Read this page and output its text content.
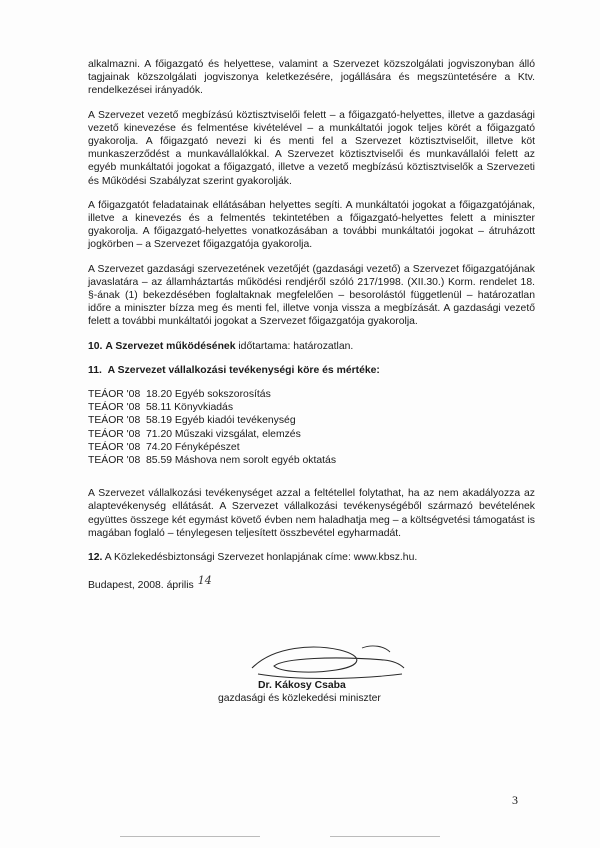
alkalmazni. A főigazgató és helyettese, valamint a Szervezet közszolgálati jogviszonyban álló tagjainak közszolgálati jogviszonya keletkezésére, jogállására és megszüntetésére a Ktv. rendelkezései irányadók.

A Szervezet vezető megbízású köztisztviselői felett – a főigazgató-helyettes, illetve a gazdasági vezető kinevezése és felmentése kivételével – a munkáltatói jogok teljes körét a főigazgató gyakorolja. A főigazgató nevezi ki és menti fel a Szervezet köztisztviselőit, illetve köt munkaszerződést a munkavállalókkal. A Szervezet köztisztviselői és munkavállalói felett az egyéb munkáltatói jogokat a főigazgató, illetve a vezető megbízású köztisztviselők a Szervezeti és Működési Szabályzat szerint gyakorolják.

A főigazgatót feladatainak ellátásában helyettes segíti. A munkáltatói jogokat a főigazgatójának, illetve a kinevezés és a felmentés tekintetében a főigazgató-helyettes felett a miniszter gyakorolja. A főigazgató-helyettes vonatkozásában a további munkáltatói jogokat – átruházott jogkörben – a Szervezet főigazgatója gyakorolja.

A Szervezet gazdasági szervezetének vezetőjét (gazdasági vezető) a Szervezet főigazgatójának javaslatára – az államháztartás működési rendjéről szóló 217/1998. (XII.30.) Korm. rendelet 18. §-ának (1) bekezdésében foglaltaknak megfelelően – besorolástól függetlenül – határozatlan időre a miniszter bízza meg és menti fel, illetve vonja vissza a megbízását. A gazdasági vezető felett a további munkáltatói jogokat a Szervezet főigazgatója gyakorolja.

10. A Szervezet működésének időtartama: határozatlan.

11. A Szervezet vállalkozási tevékenységi köre és mértéke:

TEÁOR '08 18.20 Egyéb sokszorosítás
TEÁOR '08 58.11 Könyvkiadás
TEÁOR '08 58.19 Egyéb kiadói tevékenység
TEÁOR '08 71.20 Műszaki vizsgálat, elemzés
TEÁOR '08 74.20 Fényképészet
TEÁOR '08 85.59 Máshova nem sorolt egyéb oktatás

A Szervezet vállalkozási tevékenységet azzal a feltétellel folytathat, ha az nem akadályozza az alaptevékenység ellátását. A Szervezet vállalkozási tevékenységéből származó bevételének együttes összege két egymást követő évben nem haladhatja meg – a költségvetési támogatást is magában foglaló – ténylegesen teljesített összbevétel egyharmadát.

12. A Közlekedésbiztonsági Szervezet honlapjának címe: www.kbsz.hu.

Budapest, 2008. április 14
Dr. Kákosy Csaba
gazdasági és közlekedési miniszter
3
